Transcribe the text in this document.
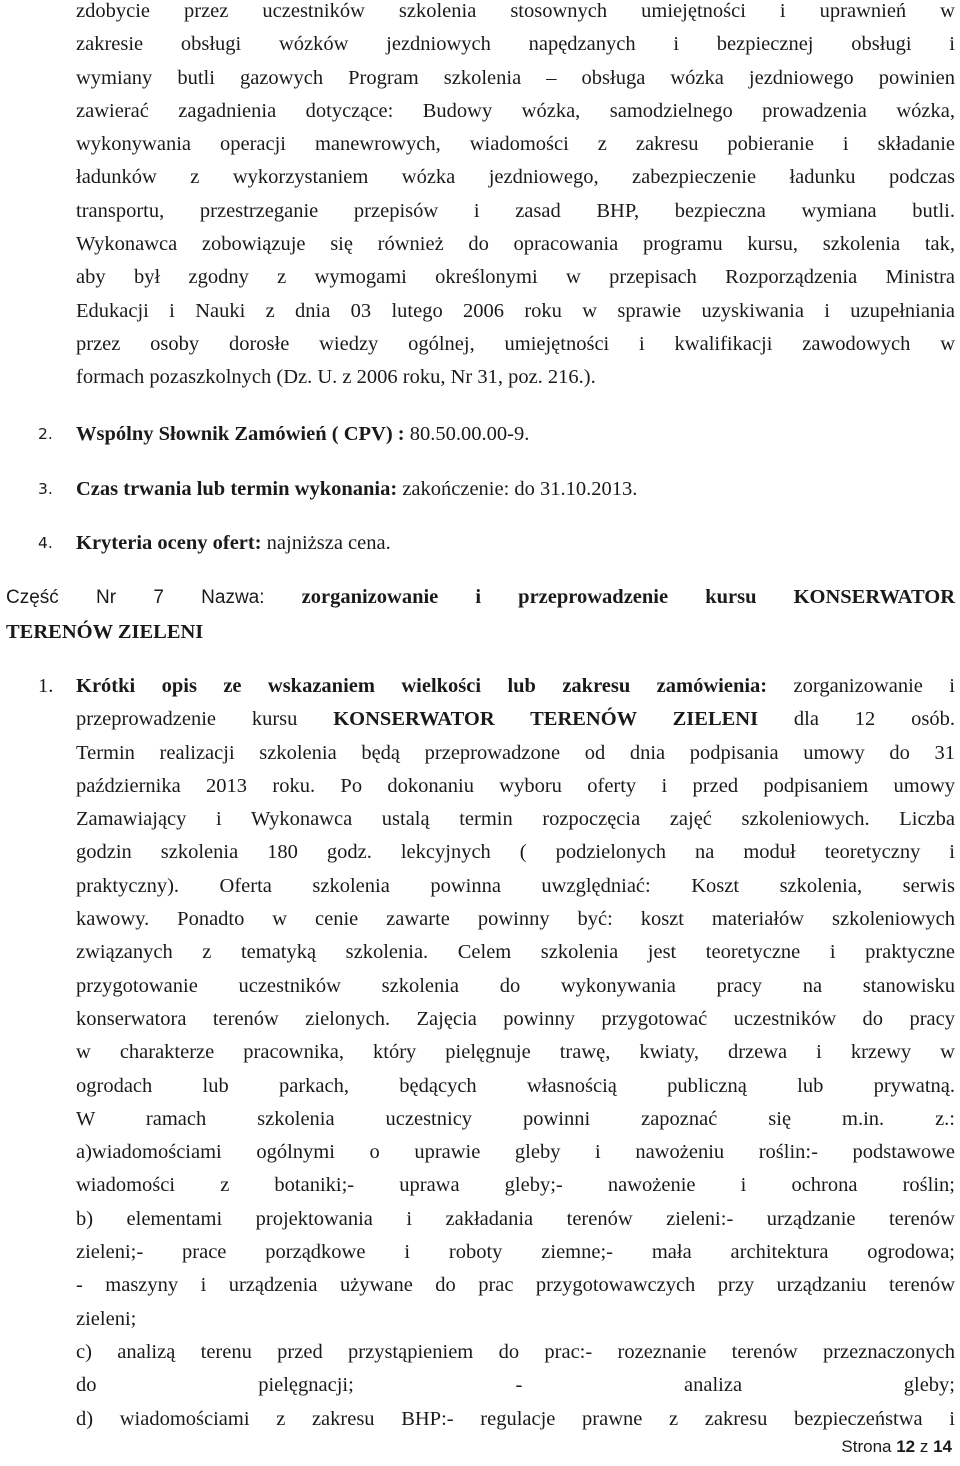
zdobycie przez uczestników szkolenia stosownych umiejętności i uprawnień w
zakresie obsługi wózków jezdniowych napędzanych i bezpiecznej obsługi i
wymiany butli gazowych Program szkolenia – obsługa wózka jezdniowego powinien
zawierać zagadnienia dotyczące: Budowy wózka, samodzielnego prowadzenia wózka,
wykonywania operacji manewrowych, wiadomości z zakresu pobieranie i składanie
ładunków z wykorzystaniem wózka jezdniowego, zabezpieczenie ładunku podczas
transportu, przestrzeganie przepisów i zasad BHP, bezpieczna wymiana butli.
Wykonawca zobowiązuje się również do opracowania programu kursu, szkolenia tak,
aby był zgodny z wymogami określonymi w przepisach Rozporządzenia Ministra
Edukacji i Nauki z dnia 03 lutego 2006 roku w sprawie uzyskiwania i uzupełniania
przez osoby dorosłe wiedzy ogólnej, umiejętności i kwalifikacji zawodowych w
formach pozaszkolnych (Dz. U. z 2006 roku, Nr 31, poz. 216.).
2. Wspólny Słownik Zamówień ( CPV) : 80.50.00.00-9.
3. Czas trwania lub termin wykonania: zakończenie: do 31.10.2013.
4. Kryteria oceny ofert: najniższa cena.
Część Nr 7 Nazwa: zorganizowanie i przeprowadzenie kursu KONSERWATOR
TERENÓW ZIELENI
1. Krótki opis ze wskazaniem wielkości lub zakresu zamówienia: zorganizowanie i
przeprowadzenie kursu KONSERWATOR TERENÓW ZIELENI dla 12 osób.
Termin realizacji szkolenia będą przeprowadzone od dnia podpisania umowy do 31
października 2013 roku. Po dokonaniu wyboru oferty i przed podpisaniem umowy
Zamawiający i Wykonawca ustalą termin rozpoczęcia zajęć szkoleniowych. Liczba
godzin szkolenia 180 godz. lekcyjnych ( podzielonych na moduł teoretyczny i
praktyczny). Oferta szkolenia powinna uwzględniać: Koszt szkolenia, serwis
kawowy. Ponadto w cenie zawarte powinny być: koszt materiałów szkoleniowych
związanych z tematyką szkolenia. Celem szkolenia jest teoretyczne i praktyczne
przygotowanie uczestników szkolenia do wykonywania pracy na stanowisku
konserwatora terenów zielonych. Zajęcia powinny przygotować uczestników do pracy
w charakterze pracownika, który pielęgnuje trawę, kwiaty, drzewa i krzewy w
ogrodach lub parkach, będących własnością publiczną lub prywatną.
W ramach szkolenia uczestnicy powinni zapoznać się m.in. z.:
a)wiadomościami ogólnymi o uprawie gleby i nawożeniu roślin:- podstawowe
wiadomości z botaniki;- uprawa gleby;- nawożenie i ochrona roślin;
b) elementami projektowania i zakładania terenów zieleni:- urządzanie terenów
zieleni;- prace porządkowe i roboty ziemne;- mała architektura ogrodowa;
- maszyny i urządzenia używane do prac przygotowawczych przy urządzaniu terenów
zieleni;
c) analizą terenu przed przystąpieniem do prac:- rozeznanie terenów przeznaczonych
do pielęgnacji; - analiza gleby;
d) wiadomościami z zakresu BHP:- regulacje prawne z zakresu bezpieczeństwa i
Strona 12 z 14
